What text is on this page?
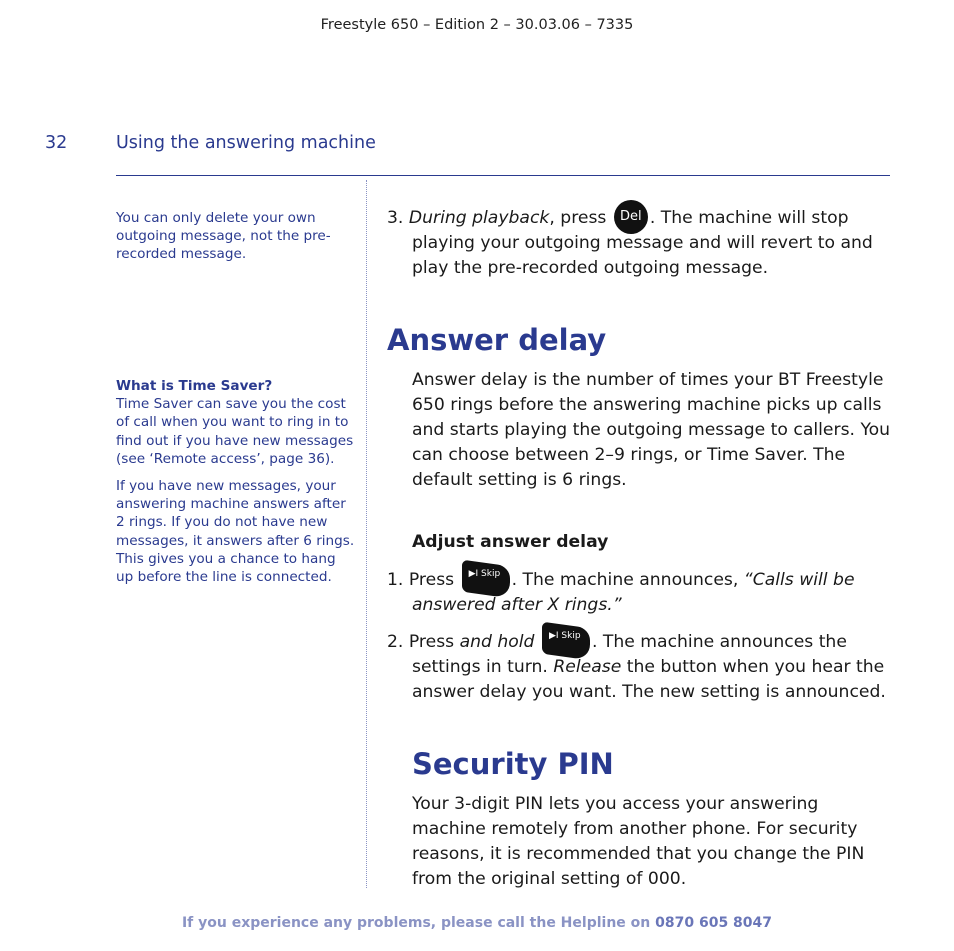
Freestyle 650 – Edition 2 – 30.03.06 – 7335
32	Using the answering machine

You can only delete your own outgoing message, not the pre-recorded message.

What is Time Saver?

Time Saver can save you the cost of call when you want to ring in to find out if you have new messages (see ‘Remote access’, page 36).

If you have new messages, your answering machine answers after 2 rings. If you do not have new messages, it answers after 6 rings. This gives you a chance to hang up before the line is connected.

3. During playback, press Del . The machine will stop playing your outgoing message and will revert to and play the pre-recorded outgoing message.

Answer delay

Answer delay is the number of times your BT Freestyle 650 rings before the answering machine picks up calls and starts playing the outgoing message to callers. You can choose between 2–9 rings, or Time Saver. The default setting is 6 rings.

Adjust answer delay

1. Press ▶I Skip . The machine announces, “Calls will be answered after X rings.”

2. Press and hold ▶I Skip . The machine announces the settings in turn. Release the button when you hear the answer delay you want. The new setting is announced.

Security PIN

Your 3-digit PIN lets you access your answering machine remotely from another phone. For security reasons, it is recommended that you change the PIN from the original setting of 000.

If you experience any problems, please call the Helpline on 0870 605 8047
